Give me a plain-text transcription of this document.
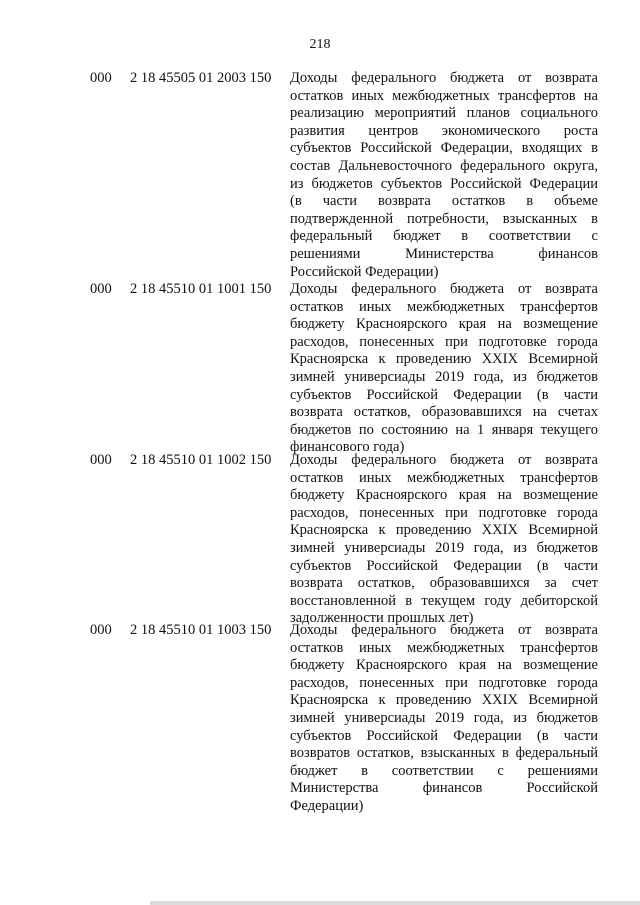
218
000 2 18 45505 01 2003 150 Доходы федерального бюджета от возврата
остатков иных межбюджетных трансфертов на
реализацию мероприятий планов социального
развития центров экономического роста
субъектов Российской Федерации, входящих в
состав Дальневосточного федерального округа,
из бюджетов субъектов Российской Федерации
(в части возврата остатков в объеме
подтвержденной потребности, взысканных в
федеральный бюджет в соответствии с
решениями Министерства финансов
Российской Федерации)
000 2 18 45510 01 1001 150 Доходы федерального бюджета от возврата
остатков иных межбюджетных трансфертов
бюджету Красноярского края на возмещение
расходов, понесенных при подготовке города
Красноярска к проведению XXIX Всемирной
зимней универсиады 2019 года, из бюджетов
субъектов Российской Федерации (в части
возврата остатков, образовавшихся на счетах
бюджетов по состоянию на 1 января текущего
финансового года)
000 2 18 45510 01 1002 150 Доходы федерального бюджета от возврата
остатков иных межбюджетных трансфертов
бюджету Красноярского края на возмещение
расходов, понесенных при подготовке города
Красноярска к проведению XXIX Всемирной
зимней универсиады 2019 года, из бюджетов
субъектов Российской Федерации (в части
возврата остатков, образовавшихся за счет
восстановленной в текущем году дебиторской
задолженности прошлых лет)
000 2 18 45510 01 1003 150 Доходы федерального бюджета от возврата
остатков иных межбюджетных трансфертов
бюджету Красноярского края на возмещение
расходов, понесенных при подготовке города
Красноярска к проведению XXIX Всемирной
зимней универсиады 2019 года, из бюджетов
субъектов Российской Федерации (в части
возвратов остатков, взысканных в федеральный
бюджет в соответствии с решениями
Министерства финансов Российской
Федерации)
